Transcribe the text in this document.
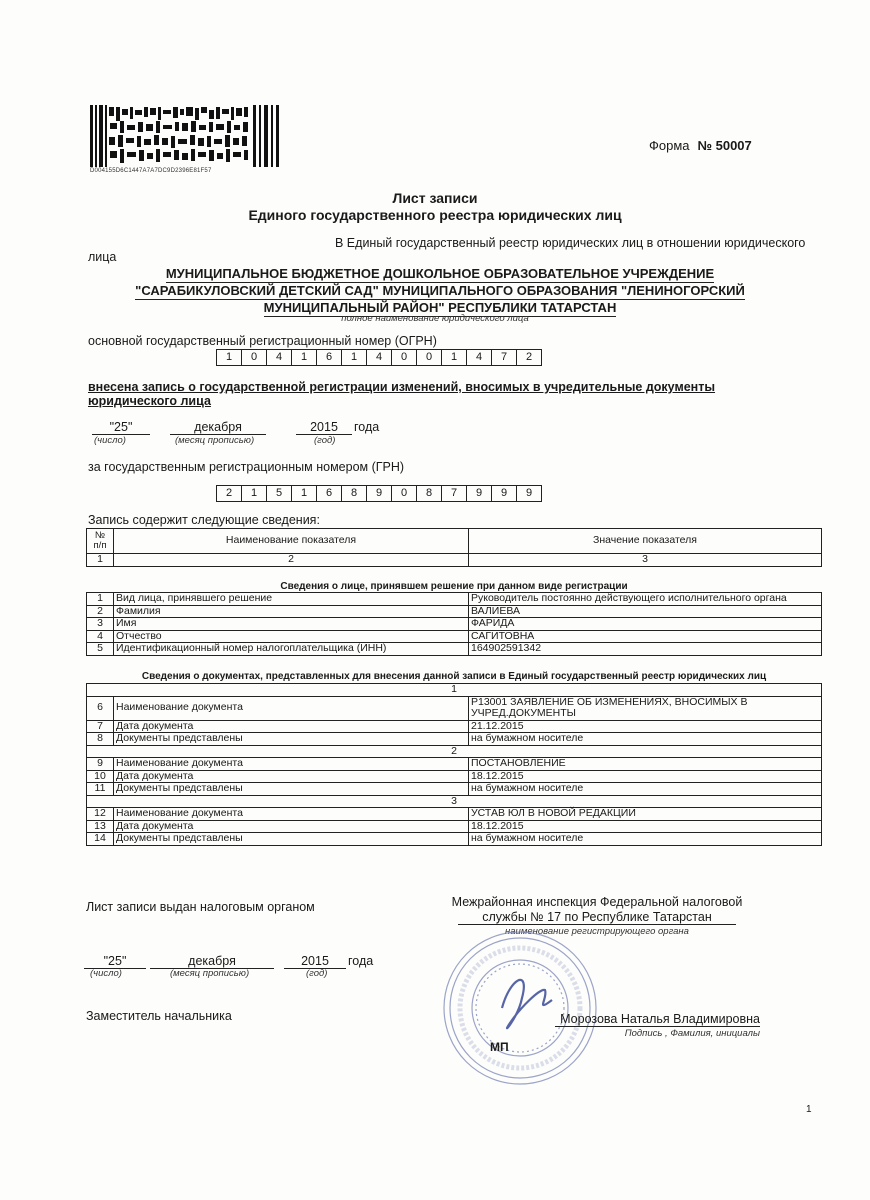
D004155D6C1447A7A7DC9D2396E81F57
Форма № 50007
Лист записи
Единого государственного реестра юридических лиц
В Единый государственный реестр юридических лиц в отношении юридического
лица
МУНИЦИПАЛЬНОЕ БЮДЖЕТНОЕ ДОШКОЛЬНОЕ ОБРАЗОВАТЕЛЬНОЕ УЧРЕЖДЕНИЕ
"САРАБИКУЛОВСКИЙ ДЕТСКИЙ САД" МУНИЦИПАЛЬНОГО ОБРАЗОВАНИЯ "ЛЕНИНОГОРСКИЙ
МУНИЦИПАЛЬНЫЙ РАЙОН" РЕСПУБЛИКИ ТАТАРСТАН
полное наименование юридического лица
основной государственный регистрационный номер (ОГРН)
1	0	4	1	6	1	4	0	0	1	4	7	2
внесена запись о государственной регистрации изменений, вносимых в учредительные документы
юридического лица
"25"	декабря	2015	года
(число)	(месяц прописью)	(год)
за государственным регистрационным номером (ГРН)
2	1	5	1	6	8	9	0	8	7	9	9	9
Запись содержит следующие сведения:
№
п/п	Наименование показателя	Значение показателя
1	2	3
Сведения о лице, принявшем решение при данном виде регистрации
1	Вид лица, принявшего решение	Руководитель постоянно действующего исполнительного органа
2	Фамилия	ВАЛИЕВА
3	Имя	ФАРИДА
4	Отчество	САГИТОВНА
5	Идентификационный номер налогоплательщика (ИНН)	164902591342
Сведения о документах, представленных для внесения данной записи в Единый государственный реестр юридических лиц
1		
6	Наименование документа	Р13001 ЗАЯВЛЕНИЕ ОБ ИЗМЕНЕНИЯХ, ВНОСИМЫХ В УЧРЕД.ДОКУМЕНТЫ
7	Дата документа	21.12.2015
8	Документы представлены	на бумажном носителе
2		
9	Наименование документа	ПОСТАНОВЛЕНИЕ
10	Дата документа	18.12.2015
11	Документы представлены	на бумажном носителе
3		
12	Наименование документа	УСТАВ ЮЛ В НОВОЙ РЕДАКЦИИ
13	Дата документа	18.12.2015
14	Документы представлены	на бумажном носителе
Лист записи выдан налоговым органом	Межрайонная инспекция Федеральной налоговой
службы № 17 по Республике Татарстан
наименование регистрирующего органа
"25"	декабря	2015	года
(число)	(месяц прописью)	(год)
Заместитель начальника	Морозова Наталья Владимировна
Подпись , Фамилия, инициалы
МП
1
